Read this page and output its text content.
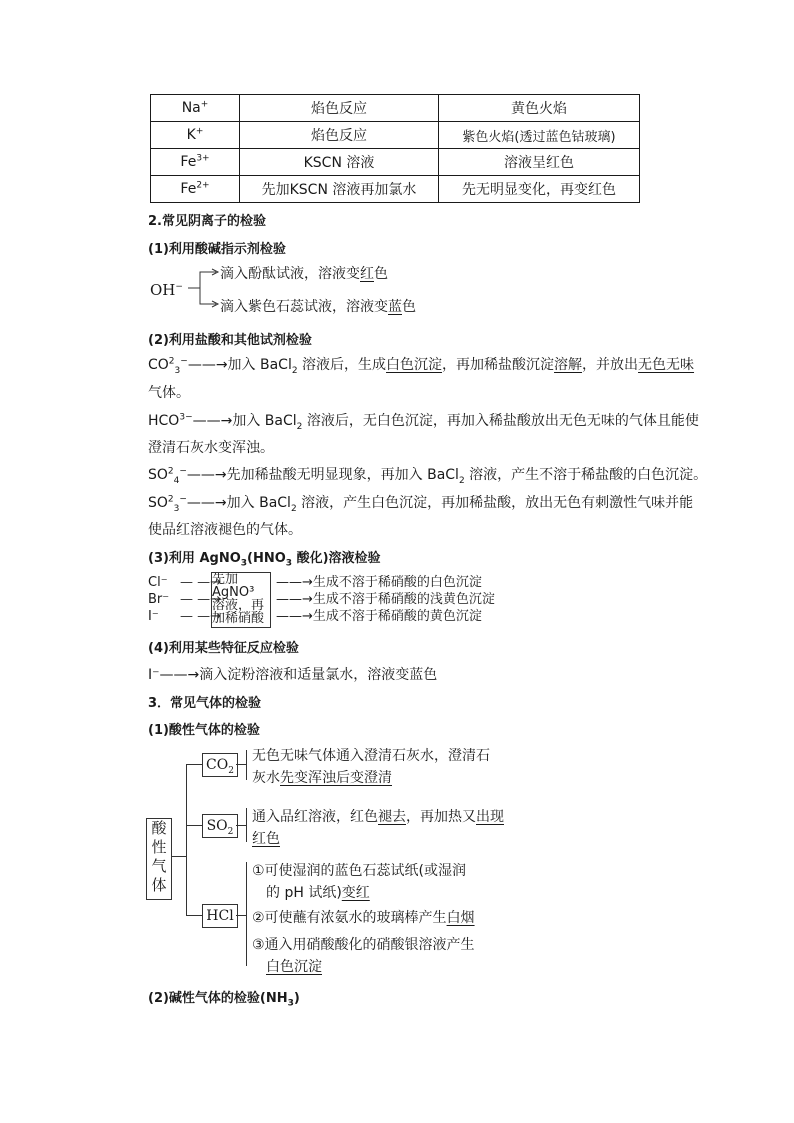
Na+	焰色反应	黄色火焰
K+	焰色反应	紫色火焰(透过蓝色钴玻璃)
$Fe^{3+}$	KSCN 溶液	溶液呈红色
$Fe^{2+}$	先加KSCN 溶液再加氯水	先无明显变化，再变红色
2.常见阴离子的检验
(1)利用酸碱指示剂检验
OH−
滴入酚酞试液，溶液变红色
滴入紫色石蕊试液，溶液变蓝色
(2)利用盐酸和其他试剂检验
$CO^2_3^-——\to$加入 BaCl$_2$ 溶液后，生成白色沉淀，再加稀盐酸沉淀溶解，并放出无色无味
气体。
$HCO^{3-}——\to$加入 BaCl$_2$ 溶液后，无白色沉淀，再加入稀盐酸放出无色无味的气体且能使
澄清石灰水变浑浊。
$SO^2_4^-——\to$先加稀盐酸无明显现象，再加入 BaCl$_2$ 溶液，产生不溶于稀盐酸的白色沉淀。
$SO^2_3^-——\to$加入 BaCl$_2$ 溶液，产生白色沉淀，再加稀盐酸，放出无色有刺激性气味并能
使品红溶液褪色的气体。
(3)利用 $AgNO_3(HNO_3$ 酸化)溶液检验
Cl⁻
Br⁻
I⁻
— —→
— —→
— —→
先加
AgNO³
溶液，再
加稀硝酸
——→生成不溶于稀硝酸的白色沉淀
——→生成不溶于稀硝酸的浅黄色沉淀
——→生成不溶于稀硝酸的黄色沉淀
(4)利用某些特征反应检验
I⁻——→滴入淀粉溶液和适量氯水，溶液变蓝色
3．常见气体的检验
(1)酸性气体的检验
酸
性
气
体
$CO_2$
$SO_2$
HCl
无色无味气体通入澄清石灰水，澄清石
灰水先变浑浊后变澄清
通入品红溶液，红色褪去，再加热又出现
红色
①可使湿润的蓝色石蕊试纸(或湿润
的 pH 试纸)变红
②可使蘸有浓氨水的玻璃棒产生白烟
③通入用硝酸酸化的硝酸银溶液产生
白色沉淀
(2)碱性气体的检验$(NH_3)$
